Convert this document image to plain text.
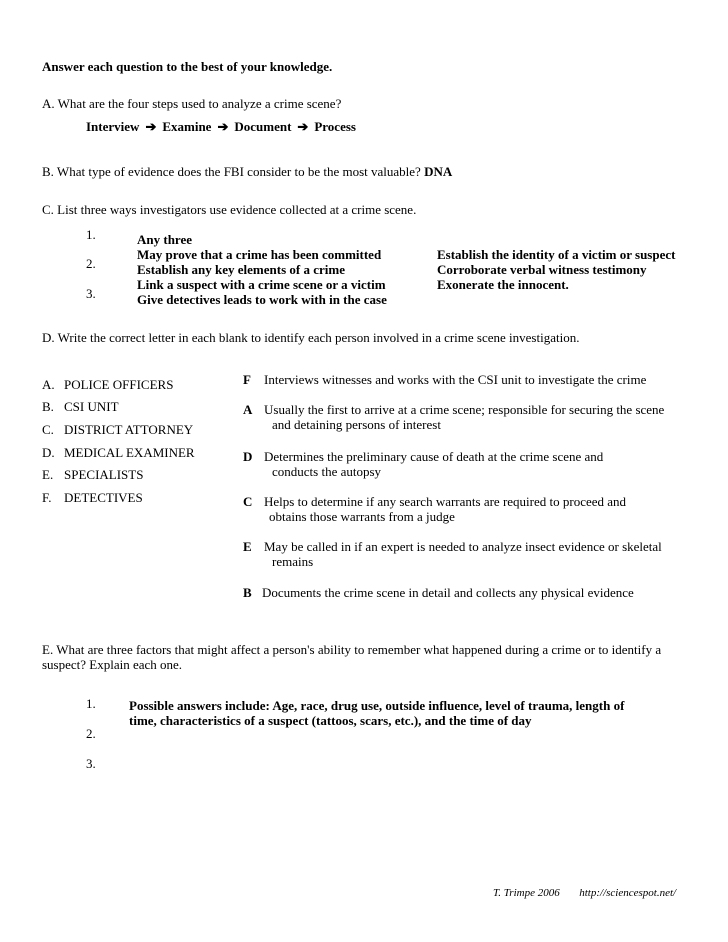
Answer each question to the best of your knowledge.
A. What are the four steps used to analyze a crime scene?
Interview ➔ Examine ➔ Document ➔ Process
B. What type of evidence does the FBI consider to be the most valuable? DNA
C. List three ways investigators use evidence collected at a crime scene.
1.
2.
3.
Any three
May prove that a crime has been committed
Establish any key elements of a crime
Link a suspect with a crime scene or a victim
Give detectives leads to work with in the case
Establish the identity of a victim or suspect
Corroborate verbal witness testimony
Exonerate the innocent.
D. Write the correct letter in each blank to identify each person involved in a crime scene investigation.
A. POLICE OFFICERS
B. CSI UNIT
C. DISTRICT ATTORNEY
D. MEDICAL EXAMINER
E. SPECIALISTS
F. DETECTIVES
F Interviews witnesses and works with the CSI unit to investigate the crime
A Usually the first to arrive at a crime scene; responsible for securing the scene
and detaining persons of interest
D Determines the preliminary cause of death at the crime scene and
conducts the autopsy
C Helps to determine if any search warrants are required to proceed and
obtains those warrants from a judge
E May be called in if an expert is needed to analyze insect evidence or skeletal
remains
B Documents the crime scene in detail and collects any physical evidence
E. What are three factors that might affect a person's ability to remember what happened during a crime or to identify a
suspect? Explain each one.
1.
2.
3.
Possible answers include: Age, race, drug use, outside influence, level of trauma, length of
time, characteristics of a suspect (tattoos, scars, etc.), and the time of day
T. Trimpe 2006 http://sciencespot.net/
